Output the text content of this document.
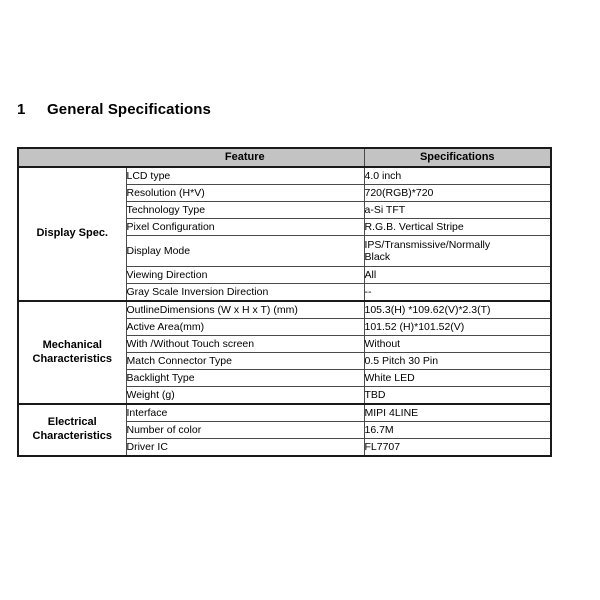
1	General Specifications
	Feature	Specifications
Display Spec.	LCD type	4.0 inch
	Resolution (H*V)	720(RGB)*720
	Technology Type	a-Si TFT
	Pixel Configuration	R.G.B. Vertical Stripe
	Display Mode	IPS/Transmissive/Normally
Black

	Viewing Direction	All
	Gray Scale Inversion Direction	--

Mechanical
Characteristics	OutlineDimensions (W x H x T) (mm)	105.3(H) *109.62(V)*2.3(T)
	Active Area(mm)	101.52 (H)*101.52(V)
	With /Without Touch screen	Without
	Match Connector Type	0.5 Pitch 30 Pin
	Backlight Type	White LED
	Weight (g)	TBD

Electrical
Characteristics	Interface	MIPI 4LINE
	Number of color	16.7M
	Driver IC	FL7707
